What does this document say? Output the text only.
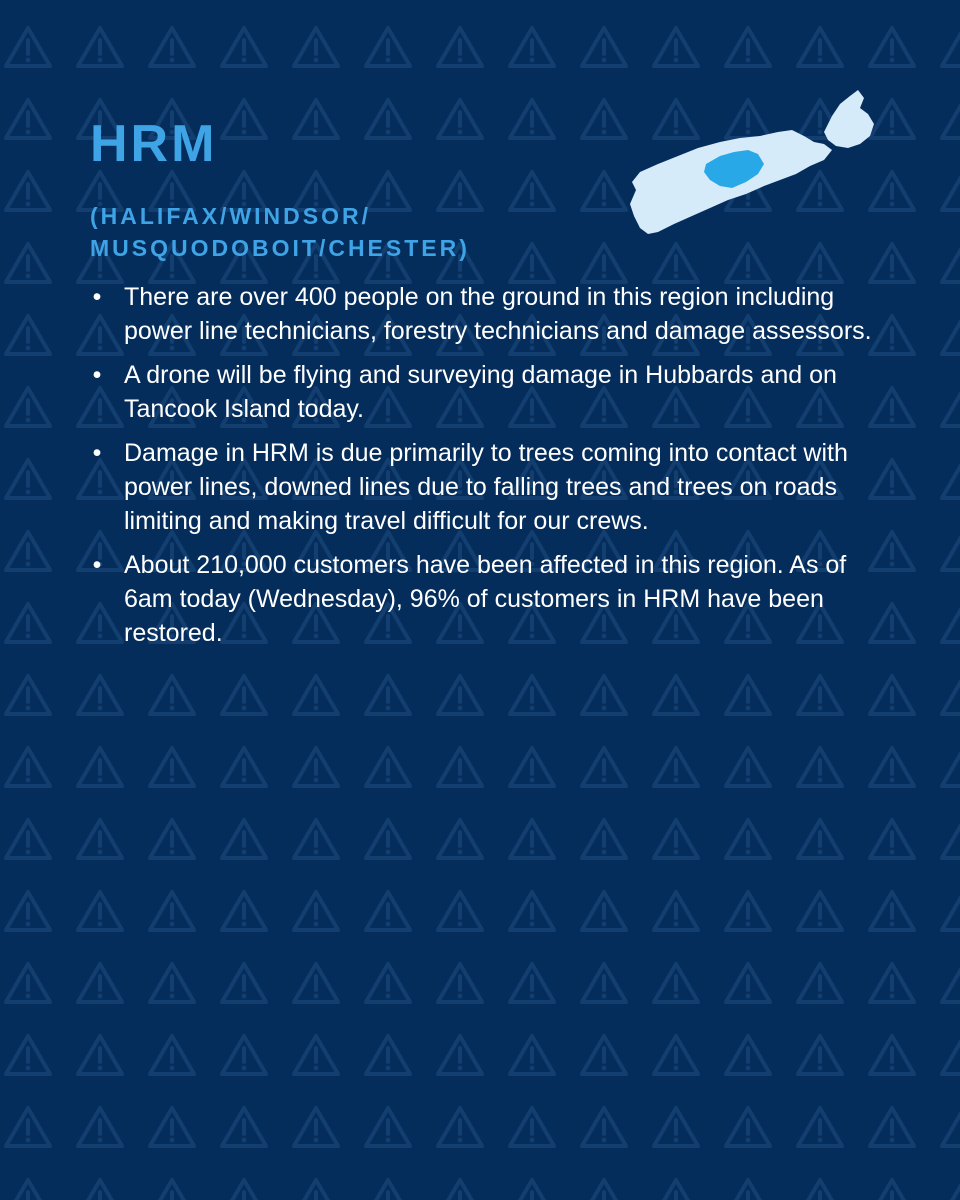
HRM
(HALIFAX/WINDSOR/
MUSQUODOBOIT/CHESTER)
• There are over 400 people on the ground in this region including power line technicians, forestry technicians and damage assessors.
• A drone will be flying and surveying damage in Hubbards and on Tancook Island today.
• Damage in HRM is due primarily to trees coming into contact with power lines, downed lines due to falling trees and trees on roads limiting and making travel difficult for our crews.
• About 210,000 customers have been affected in this region. As of 6am today (Wednesday), 96% of customers in HRM have been restored.
